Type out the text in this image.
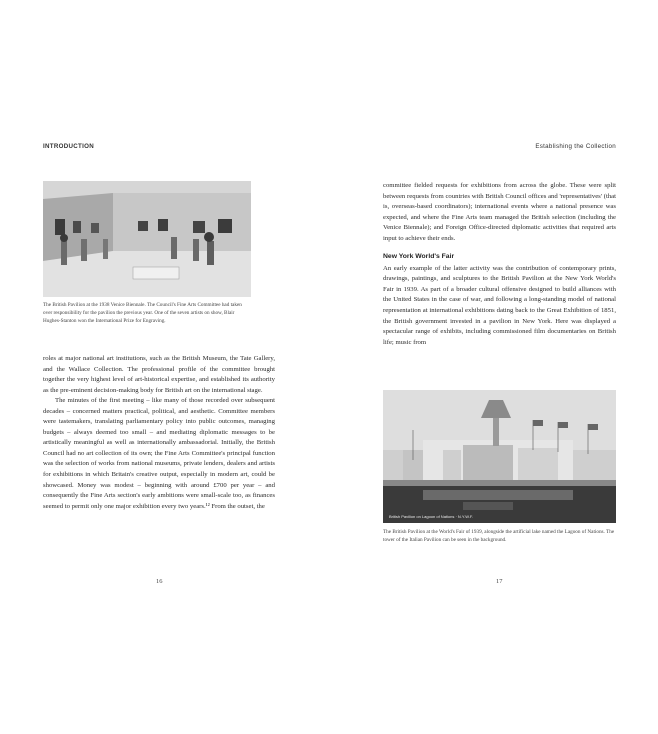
INTRODUCTION
The British Pavilion at the 1938 Venice Biennale. The Council's Fine Arts Committee had taken over responsibility for the pavilion the previous year. One of the seven artists on show, Blair Hughes-Stanton won the International Prize for Engraving.

roles at major national art institutions, such as the British Museum, the Tate Gallery, and the Wallace Collection. The professional profile of the committee brought together the very highest level of art-historical expertise, and established its authority as the pre-eminent decision-making body for British art on the international stage.

The minutes of the first meeting – like many of those recorded over subsequent decades – concerned matters practical, political, and aesthetic. Committee members were tastemakers, translating parliamentary policy into public outcomes, managing budgets – always deemed too small – and mediating diplomatic messages to be artistically meaningful as well as internationally ambassadorial. Initially, the British Council had no art collection of its own; the Fine Arts Committee's principal function was the selection of works from national museums, private lenders, dealers and artists for exhibitions in which Britain's creative output, especially in modern art, could be showcased. Money was modest – beginning with around £700 per year – and consequently the Fine Arts section's early ambitions were small-scale too, as finances seemed to permit only one major exhibition every two years.¹² From the outset, the

16
Establishing the Collection

committee fielded requests for exhibitions from across the globe. These were split between requests from countries with British Council offices and 'representatives' (that is, overseas-based coordinators); international events where a national presence was expected, and where the Fine Arts team managed the British selection (including the Venice Biennale); and Foreign Office-directed diplomatic activities that required arts input to achieve their ends.

New York World's Fair

An early example of the latter activity was the contribution of contemporary prints, drawings, paintings, and sculptures to the British Pavilion at the New York World's Fair in 1939. As part of a broader cultural offensive designed to build alliances with the United States in the case of war, and following a long-standing model of national representation at international exhibitions dating back to the Great Exhibition of 1851, the British government invested in a pavilion in New York. Here was displayed a spectacular range of exhibits, including commissioned film documentaries on British life; music from

British Pavilion on Lagoon of Nations · N.Y.W.F.
The British Pavilion at the World's Fair of 1939, alongside the artificial lake named the Lagoon of Nations. The tower of the Italian Pavilion can be seen in the background.
17
